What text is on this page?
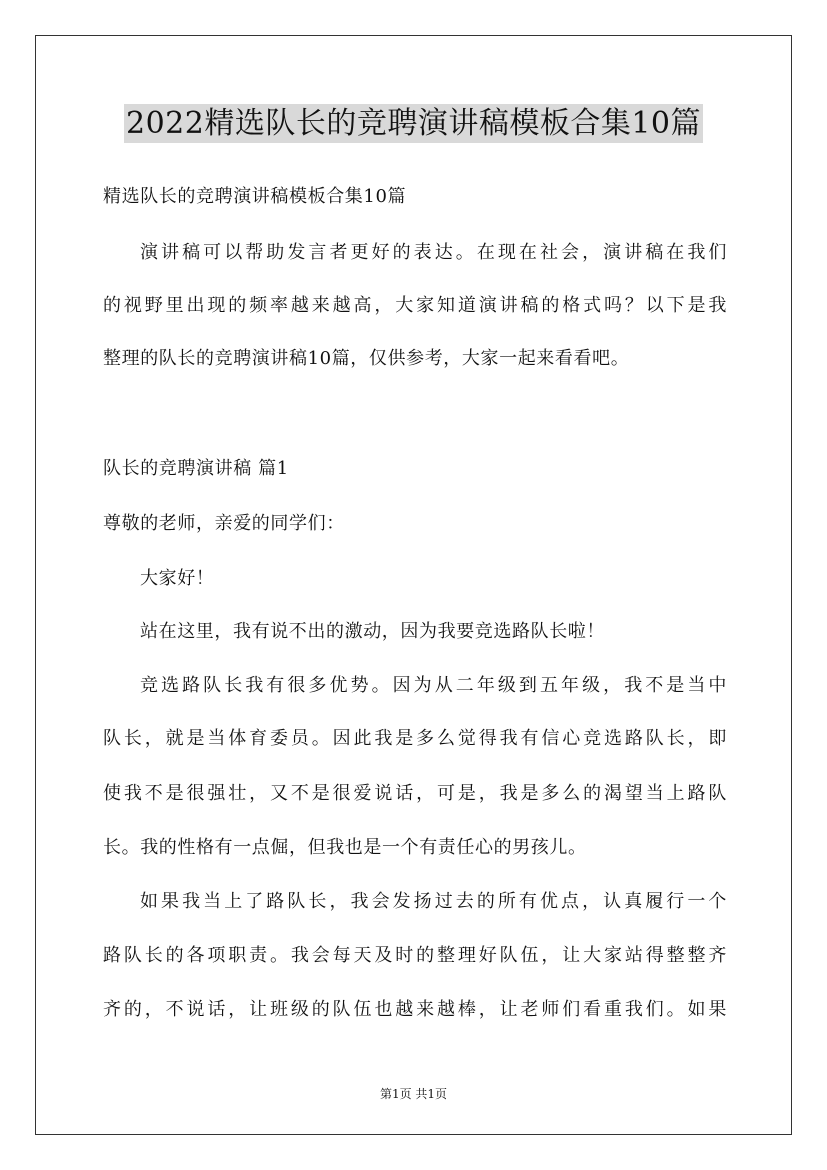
2022精选队长的竞聘演讲稿模板合集10篇
精选队长的竞聘演讲稿模板合集10篇
演讲稿可以帮助发言者更好的表达。在现在社会，演讲稿在我们
的视野里出现的频率越来越高，大家知道演讲稿的格式吗？以下是我
整理的队长的竞聘演讲稿10篇，仅供参考，大家一起来看看吧。
队长的竞聘演讲稿 篇1
尊敬的老师，亲爱的同学们：
大家好！
站在这里，我有说不出的激动，因为我要竞选路队长啦！
竞选路队长我有很多优势。因为从二年级到五年级，我不是当中
队长，就是当体育委员。因此我是多么觉得我有信心竞选路队长，即
使我不是很强壮，又不是很爱说话，可是，我是多么的渴望当上路队
长。我的性格有一点倔，但我也是一个有责任心的男孩儿。
如果我当上了路队长，我会发扬过去的所有优点，认真履行一个
路队长的各项职责。我会每天及时的整理好队伍，让大家站得整整齐
齐的，不说话，让班级的队伍也越来越棒，让老师们看重我们。如果
第1页 共1页
